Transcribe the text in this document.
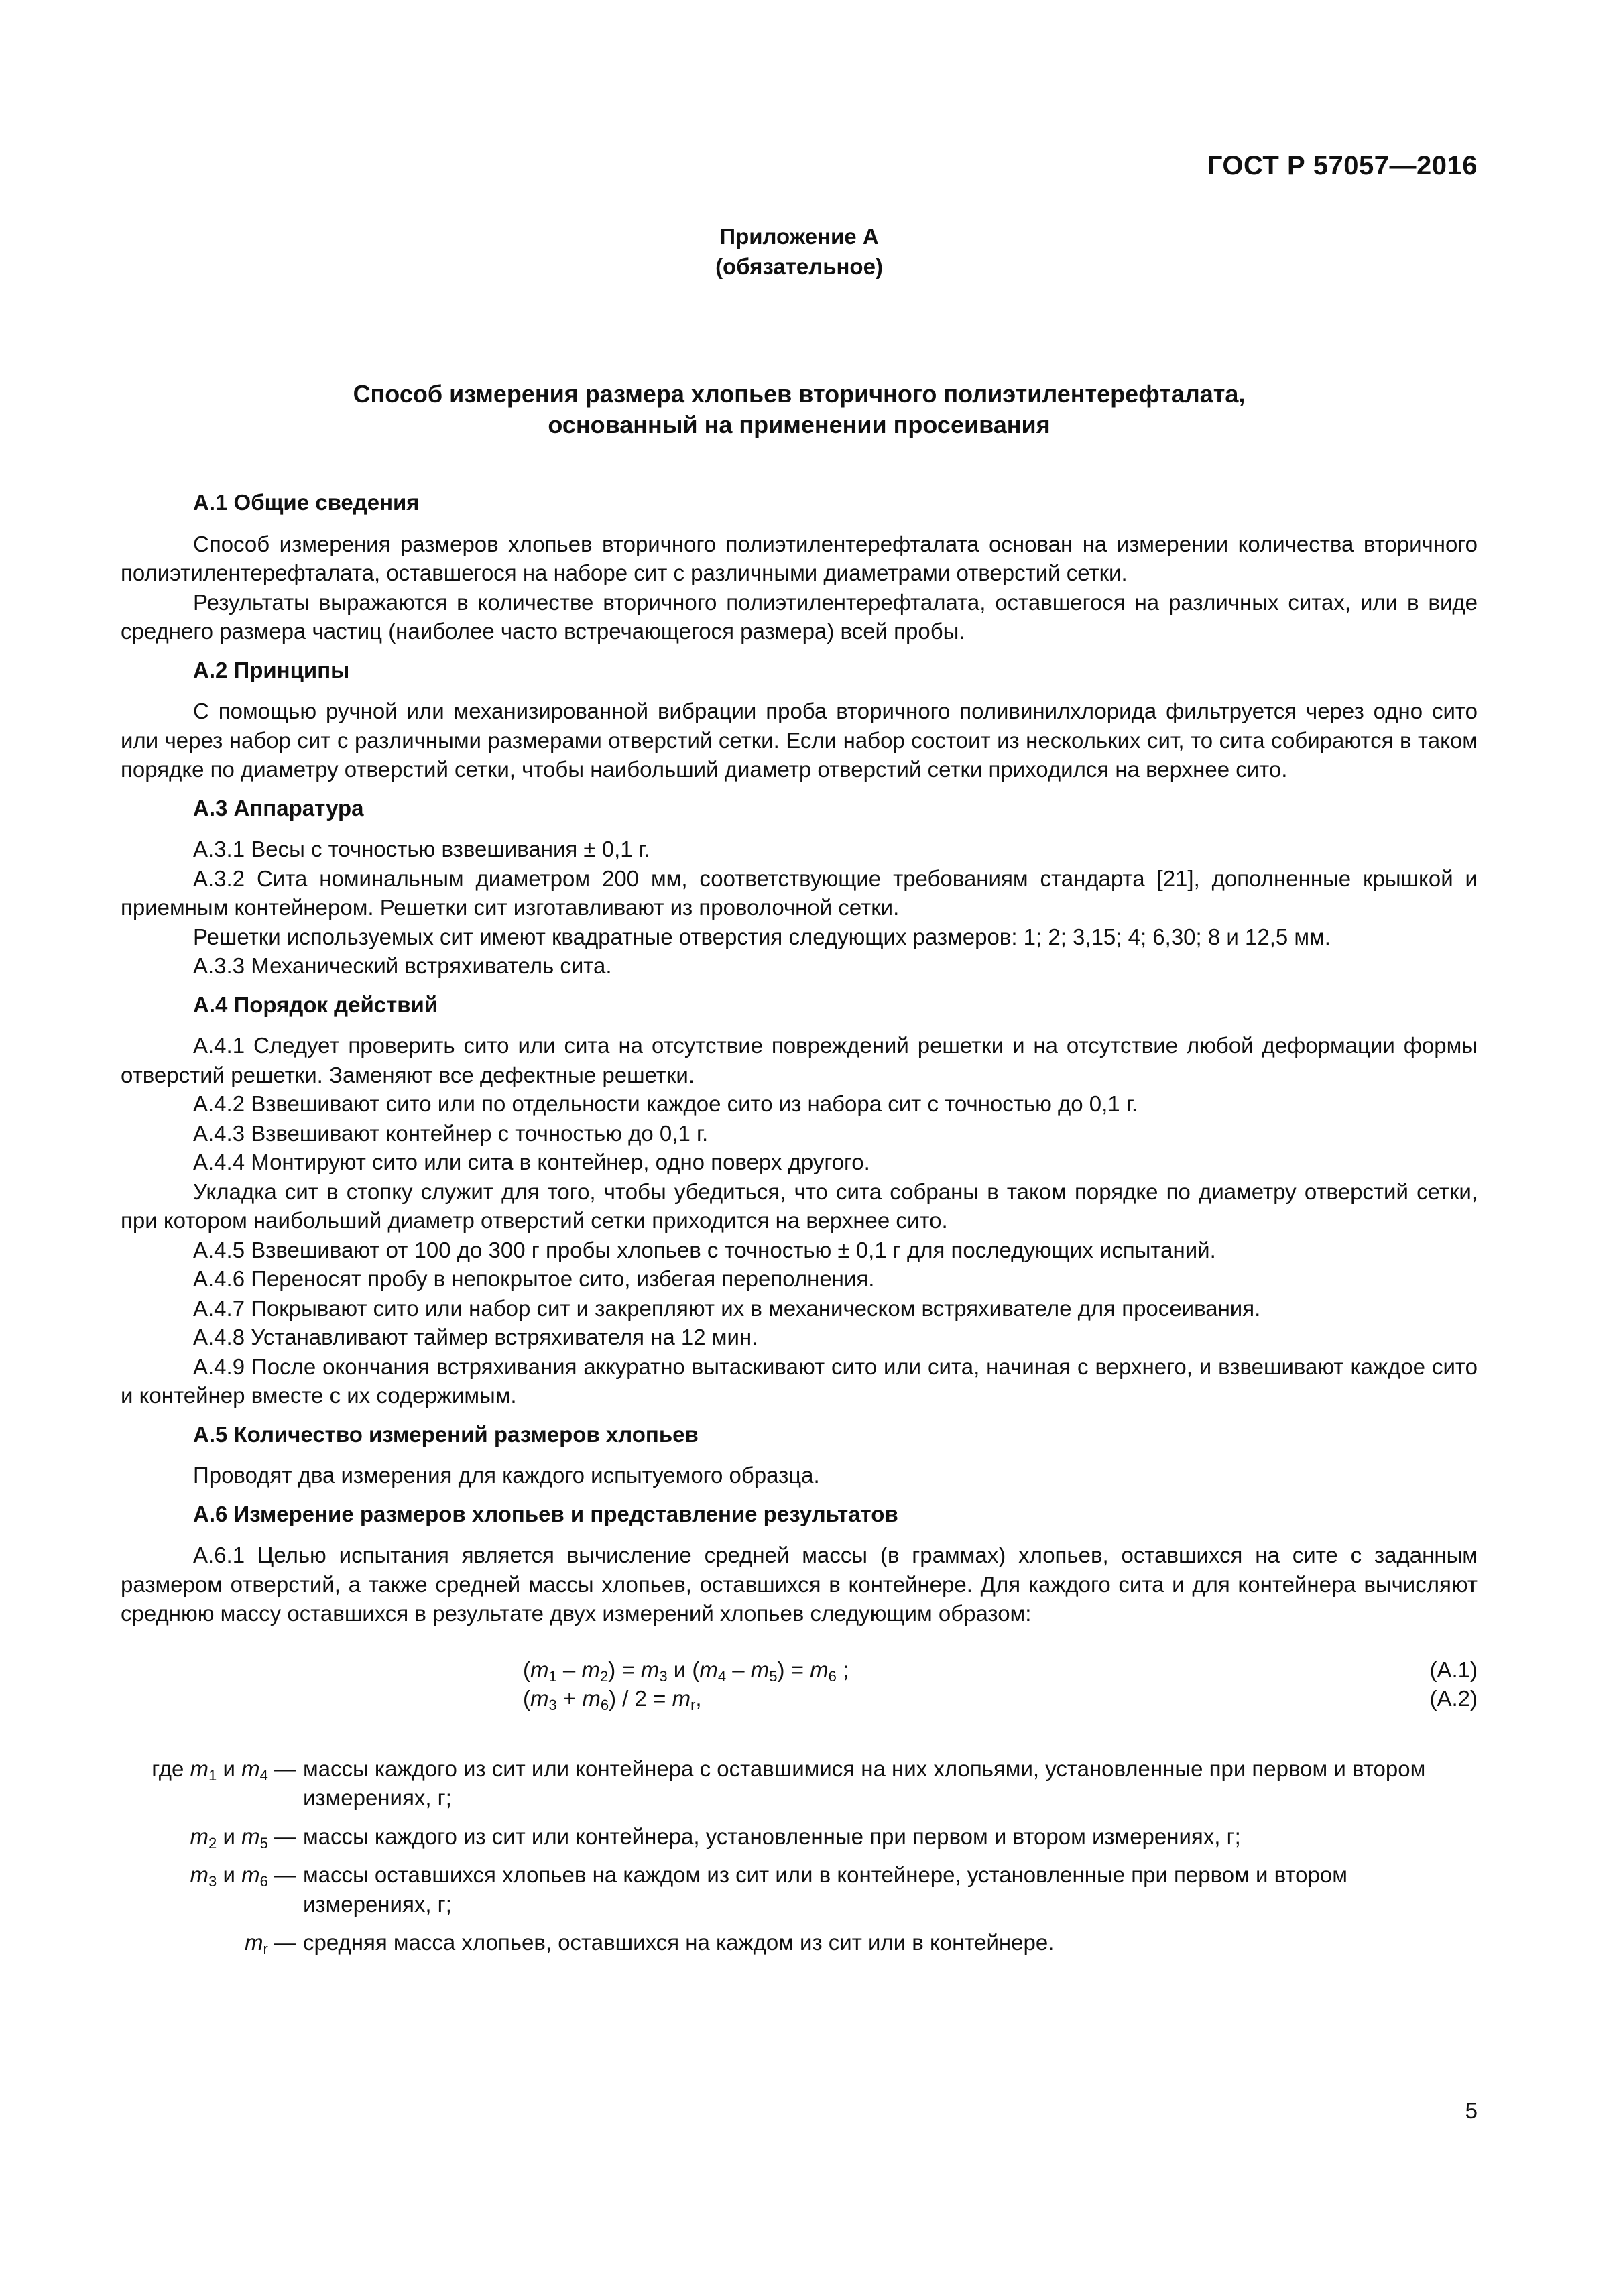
ГОСТ Р 57057—2016
Приложение А
(обязательное)
Способ измерения размера хлопьев вторичного полиэтилентерефталата,
основанный на применении просеивания
А.1 Общие сведения

Способ измерения размеров хлопьев вторичного полиэтилентерефталата основан на измерении количества вторичного полиэтилентерефталата, оставшегося на наборе сит с различными диаметрами отверстий сетки.

Результаты выражаются в количестве вторичного полиэтилентерефталата, оставшегося на различных ситах, или в виде среднего размера частиц (наиболее часто встречающегося размера) всей пробы.

А.2 Принципы

С помощью ручной или механизированной вибрации проба вторичного поливинилхлорида фильтруется через одно сито или через набор сит с различными размерами отверстий сетки. Если набор состоит из нескольких сит, то сита собираются в таком порядке по диаметру отверстий сетки, чтобы наибольший диаметр отверстий сетки приходился на верхнее сито.

А.3 Аппаратура

А.3.1 Весы с точностью взвешивания ± 0,1 г.

А.3.2 Сита номинальным диаметром 200 мм, соответствующие требованиям стандарта [21], дополненные крышкой и приемным контейнером. Решетки сит изготавливают из проволочной сетки.

Решетки используемых сит имеют квадратные отверстия следующих размеров: 1; 2; 3,15; 4; 6,30; 8 и 12,5 мм.

А.3.3 Механический встряхиватель сита.

А.4 Порядок действий

А.4.1 Следует проверить сито или сита на отсутствие повреждений решетки и на отсутствие любой деформации формы отверстий решетки. Заменяют все дефектные решетки.

А.4.2 Взвешивают сито или по отдельности каждое сито из набора сит с точностью до 0,1 г.

А.4.3 Взвешивают контейнер с точностью до 0,1 г.

А.4.4 Монтируют сито или сита в контейнер, одно поверх другого.

Укладка сит в стопку служит для того, чтобы убедиться, что сита собраны в таком порядке по диаметру отверстий сетки, при котором наибольший диаметр отверстий сетки приходится на верхнее сито.

А.4.5 Взвешивают от 100 до 300 г пробы хлопьев с точностью ± 0,1 г для последующих испытаний.

А.4.6 Переносят пробу в непокрытое сито, избегая переполнения.

А.4.7 Покрывают сито или набор сит и закрепляют их в механическом встряхивателе для просеивания.

А.4.8 Устанавливают таймер встряхивателя на 12 мин.

А.4.9 После окончания встряхивания аккуратно вытаскивают сито или сита, начиная с верхнего, и взвешивают каждое сито и контейнер вместе с их содержимым.

А.5 Количество измерений размеров хлопьев

Проводят два измерения для каждого испытуемого образца.

А.6 Измерение размеров хлопьев и представление результатов

А.6.1 Целью испытания является вычисление средней массы (в граммах) хлопьев, оставшихся на сите с заданным размером отверстий, а также средней массы хлопьев, оставшихся в контейнере. Для каждого сита и для контейнера вычисляют среднюю массу оставшихся в результате двух измерений хлопьев следующим образом:

$(m_1 - m_2) = m_3$ и $(m_4 - m_5) = m_6$ ;	(А.1)
$(m_3 + m_6) / 2 = m_r$,	(А.2)
где $m_1$ и $m_4$ — массы каждого из сит или контейнера с оставшимися на них хлопьями, установленные при первом и втором измерениях, г;
$m_2$ и $m_5$ — массы каждого из сит или контейнера, установленные при первом и втором измерениях, г;
$m_3$ и $m_6$ — массы оставшихся хлопьев на каждом из сит или в контейнере, установленные при первом и втором измерениях, г;
$m_r$ — средняя масса хлопьев, оставшихся на каждом из сит или в контейнере.
5
